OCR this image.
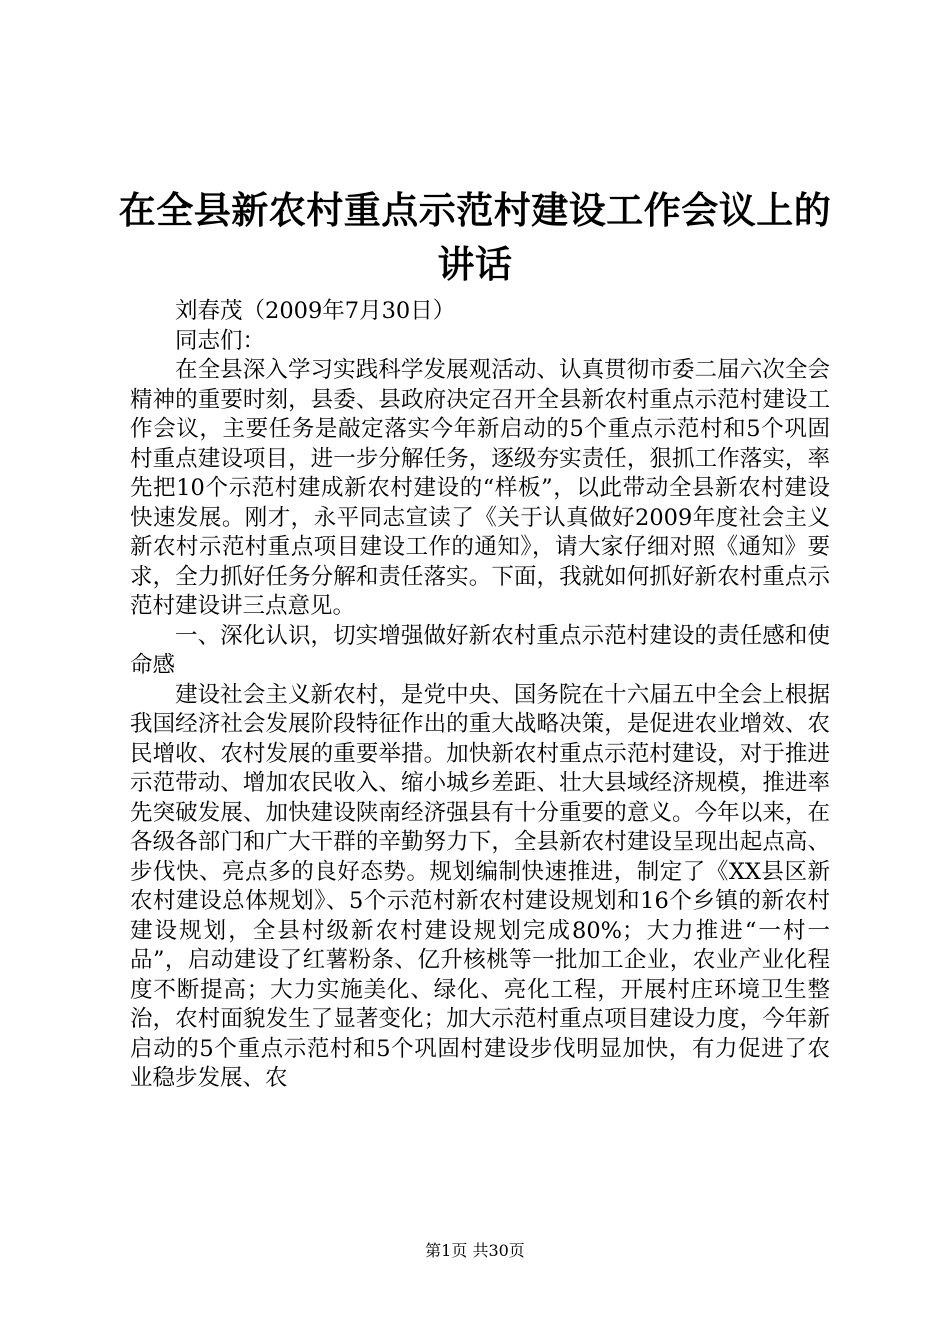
在全县新农村重点示范村建设工作会议上的讲话

刘春茂（2009年7月30日）

同志们：

在全县深入学习实践科学发展观活动、认真贯彻市委二届六次全会精神的重要时刻，县委、县政府决定召开全县新农村重点示范村建设工作会议，主要任务是敲定落实今年新启动的5个重点示范村和5个巩固村重点建设项目，进一步分解任务，逐级夯实责任，狠抓工作落实，率先把10个示范村建成新农村建设的“样板”，以此带动全县新农村建设快速发展。刚才，永平同志宣读了《关于认真做好2009年度社会主义新农村示范村重点项目建设工作的通知》，请大家仔细对照《通知》要求，全力抓好任务分解和责任落实。下面，我就如何抓好新农村重点示范村建设讲三点意见。

一、深化认识，切实增强做好新农村重点示范村建设的责任感和使命感

建设社会主义新农村，是党中央、国务院在十六届五中全会上根据我国经济社会发展阶段特征作出的重大战略决策，是促进农业增效、农民增收、农村发展的重要举措。加快新农村重点示范村建设，对于推进示范带动、增加农民收入、缩小城乡差距、壮大县域经济规模，推进率先突破发展、加快建设陕南经济强县有十分重要的意义。今年以来，在各级各部门和广大干群的辛勤努力下，全县新农村建设呈现出起点高、步伐快、亮点多的良好态势。规划编制快速推进，制定了《XX县区新农村建设总体规划》、5个示范村新农村建设规划和16个乡镇的新农村建设规划，全县村级新农村建设规划完成80%；大力推进“一村一品”，启动建设了红薯粉条、亿升核桃等一批加工企业，农业产业化程度不断提高；大力实施美化、绿化、亮化工程，开展村庄环境卫生整治，农村面貌发生了显著变化；加大示范村重点项目建设力度，今年新启动的5个重点示范村和5个巩固村建设步伐明显加快，有力促进了农业稳步发展、农

第1页 共30页
